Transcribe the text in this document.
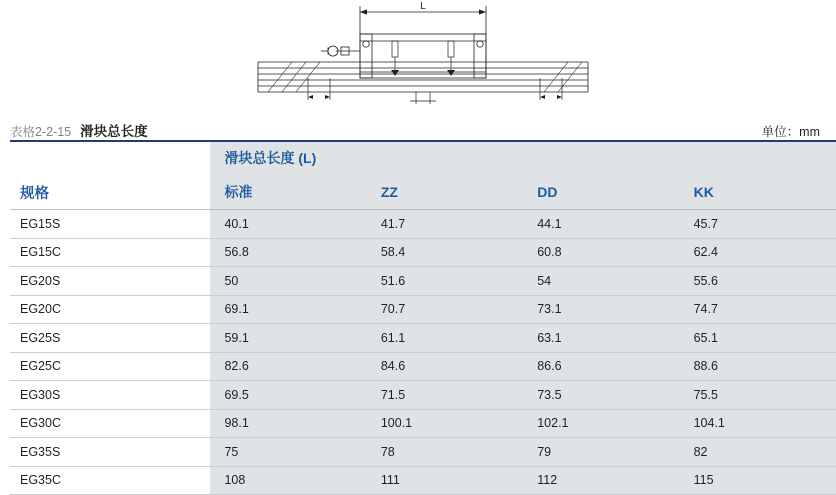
L
表格2-2-15 滑块总长度	单位：mm
	滑块总长度 (L)			
规格	标准	ZZ	DD	KK
EG15S	40.1	41.7	44.1	45.7
EG15C	56.8	58.4	60.8	62.4
EG20S	50	51.6	54	55.6
EG20C	69.1	70.7	73.1	74.7
EG25S	59.1	61.1	63.1	65.1
EG25C	82.6	84.6	86.6	88.6
EG30S	69.5	71.5	73.5	75.5
EG30C	98.1	100.1	102.1	104.1
EG35S	75	78	79	82
EG35C	108	111	112	115
